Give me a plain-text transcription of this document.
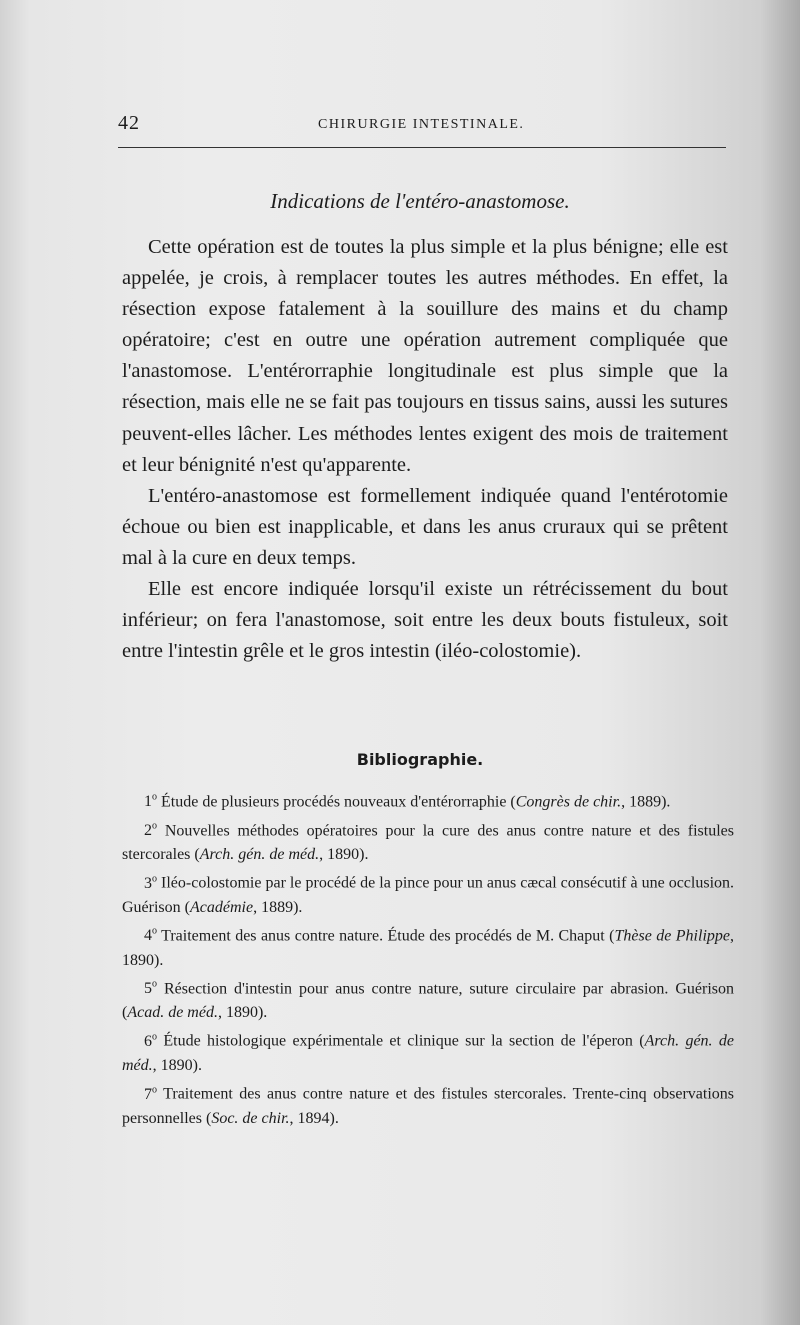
42	CHIRURGIE INTESTINALE.
Indications de l'entéro-anastomose.

Cette opération est de toutes la plus simple et la plus bénigne; elle est appelée, je crois, à remplacer toutes les autres méthodes. En effet, la résection expose fatalement à la souillure des mains et du champ opératoire; c'est en outre une opération autrement compliquée que l'anastomose. L'entérorraphie longitudinale est plus simple que la résection, mais elle ne se fait pas toujours en tissus sains, aussi les sutures peuvent-elles lâcher. Les méthodes lentes exigent des mois de traitement et leur bénignité n'est qu'apparente.

L'entéro-anastomose est formellement indiquée quand l'entérotomie échoue ou bien est inapplicable, et dans les anus cruraux qui se prêtent mal à la cure en deux temps.

Elle est encore indiquée lorsqu'il existe un rétrécissement du bout inférieur; on fera l'anastomose, soit entre les deux bouts fistuleux, soit entre l'intestin grêle et le gros intestin (iléo-colostomie).

Bibliographie.
1$^o$ Étude de plusieurs procédés nouveaux d'entérorraphie (Congrès de chir., 1889).
2$^o$ Nouvelles méthodes opératoires pour la cure des anus contre nature et des fistules stercorales (Arch. gén. de méd., 1890).
3$^o$ Iléo-colostomie par le procédé de la pince pour un anus cæcal consécutif à une occlusion. Guérison (Académie, 1889).
4$^o$ Traitement des anus contre nature. Étude des procédés de M. Chaput (Thèse de Philippe, 1890).
5$^o$ Résection d'intestin pour anus contre nature, suture circulaire par abrasion. Guérison (Acad. de méd., 1890).
6$^o$ Étude histologique expérimentale et clinique sur la section de l'éperon (Arch. gén. de méd., 1890).
7$^o$ Traitement des anus contre nature et des fistules stercorales. Trente-cinq observations personnelles (Soc. de chir., 1894).
